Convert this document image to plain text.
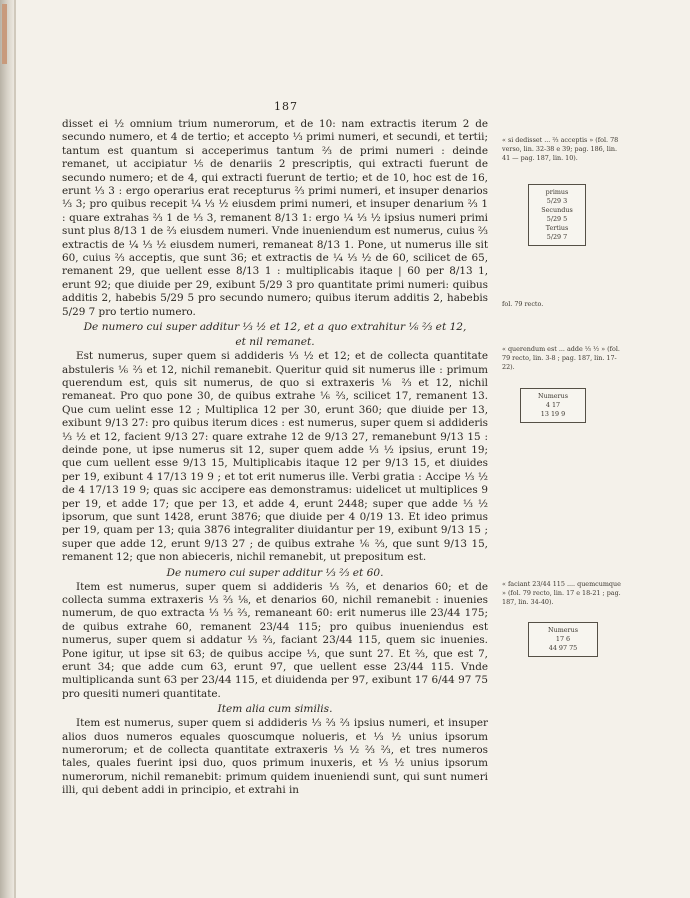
187

disset ei ½ omnium trium numerorum, et de 10: nam extractis iterum 2 de secundo numero, et 4 de tertio; et accepto ⅓ primi numeri, et secundi, et tertii; tantum est quantum si acceperimus tantum ⅔ de primi numeri : deinde remanet, ut accipiatur ⅕ de denariis 2 prescriptis, qui extracti fuerunt de secundo numero; et de 4, qui extracti fuerunt de tertio; et de 10, hoc est de 16, erunt ⅓ 3 : ergo operarius erat recepturus ⅔ primi numeri, et insuper denarios ⅓ 3; pro quibus recepit ¼ ⅓ ½ eiusdem primi numeri, et insuper denarium ⅔ 1 : quare extrahas ⅔ 1 de ⅓ 3, remanent 8/13 1: ergo ¼ ⅓ ½ ipsius numeri primi sunt plus 8/13 1 de ⅔ eiusdem numeri. Vnde inueniendum est numerus, cuius ⅔ extractis de ¼ ⅓ ½ eiusdem numeri, remaneat 8/13 1. Pone, ut numerus ille sit 60, cuius ⅔ acceptis, que sunt 36; et extractis de ¼ ⅓ ½ de 60, scilicet de 65, remanent 29, que uellent esse 8/13 1 : multiplicabis itaque | 60 per 8/13 1, erunt 92; que diuide per 29, exibunt 5/29 3 pro quantitate primi numeri: quibus additis 2, habebis 5/29 5 pro secundo numero; quibus iterum additis 2, habebis 5/29 7 pro tertio numero.

De numero cui super additur ⅓ ½ et 12, et a quo extrahitur ⅙ ⅔ et 12,
et nil remanet.

Est numerus, super quem si addideris ⅓ ½ et 12; et de collecta quantitate abstuleris ⅙ ⅔ et 12, nichil remanebit. Queritur quid sit numerus ille : primum querendum est, quis sit numerus, de quo si extraxeris ⅙ ⅔ et 12, nichil remaneat. Pro quo pone 30, de quibus extrahe ⅙ ⅔, scilicet 17, remanent 13. Que cum uelint esse 12 ; Multiplica 12 per 30, erunt 360; que diuide per 13, exibunt 9/13 27: pro quibus iterum dices : est numerus, super quem si addideris ⅓ ½ et 12, facient 9/13 27: quare extrahe 12 de 9/13 27, remanebunt 9/13 15 : deinde pone, ut ipse numerus sit 12, super quem adde ⅓ ½ ipsius, erunt 19; que cum uellent esse 9/13 15, Multiplicabis itaque 12 per 9/13 15, et diuides per 19, exibunt 4 17/13 19 9 ; et tot erit numerus ille. Verbi gratia : Accipe ⅓ ½ de 4 17/13 19 9; quas sic accipere eas demonstramus: uidelicet ut multiplices 9 per 19, et adde 17; que per 13, et adde 4, erunt 2448; super que adde ⅓ ½ ipsorum, que sunt 1428, erunt 3876; que diuide per 4 0/19 13. Et ideo primus per 19, quam per 13; quia 3876 integraliter diuidantur per 19, exibunt 9/13 15 ; super que adde 12, erunt 9/13 27 ; de quibus extrahe ⅙ ⅔, que sunt 9/13 15, remanent 12; que non abieceris, nichil remanebit, ut prepositum est.

De numero cui super additur ⅓ ⅔ et 60.

Item est numerus, super quem si addideris ⅓ ⅔, et denarios 60; et de collecta summa extraxeris ⅓ ⅔ ⅛, et denarios 60, nichil remanebit : inuenies numerum, de quo extracta ⅓ ⅓ ⅔, remaneant 60: erit numerus ille 23/44 175; de quibus extrahe 60, remanent 23/44 115; pro quibus inueniendus est numerus, super quem si addatur ⅓ ⅔, faciant 23/44 115, quem sic inuenies. Pone igitur, ut ipse sit 63; de quibus accipe ⅓, que sunt 27. Et ⅔, que est 7, erunt 34; que adde cum 63, erunt 97, que uellent esse 23/44 115. Vnde multiplicanda sunt 63 per 23/44 115, et diuidenda per 97, exibunt 17 6/44 97 75 pro quesiti numeri quantitate.

Item alia cum similis.

Item est numerus, super quem si addideris ⅓ ⅔ ⅔ ipsius numeri, et insuper alios duos numeros equales quoscumque nolueris, et ⅓ ½ unius ipsorum numerorum; et de collecta quantitate extraxeris ⅓ ½ ⅔ ⅔, et tres numeros tales, quales fuerint ipsi duo, quos primum inuxeris, et ⅓ ½ unius ipsorum numerorum, nichil remanebit: primum quidem inueniendi sunt, qui sunt numeri illi, qui debent addi in principio, et extrahi in

« si dedisset ... ⅔ acceptis » (fol. 78 verso, lin. 32-38 e 39; pag. 186, lin. 41 — pag. 187, lin. 10).
primus
5/29 3
Secundus
5/29 5
Tertius
5/29 7
fol. 79 recto.
« querendum est ... adde ⅓ ½ » (fol. 79 recto, lin. 3-8 ; pag. 187, lin. 17-22).
Numerus
4 17
13 19 9
« faciant 23/44 115 .... quemcumque » (fol. 79 recto, lin. 17 e 18-21 ; pag. 187, lin. 34-40).
Numerus
17 6
44 97 75
